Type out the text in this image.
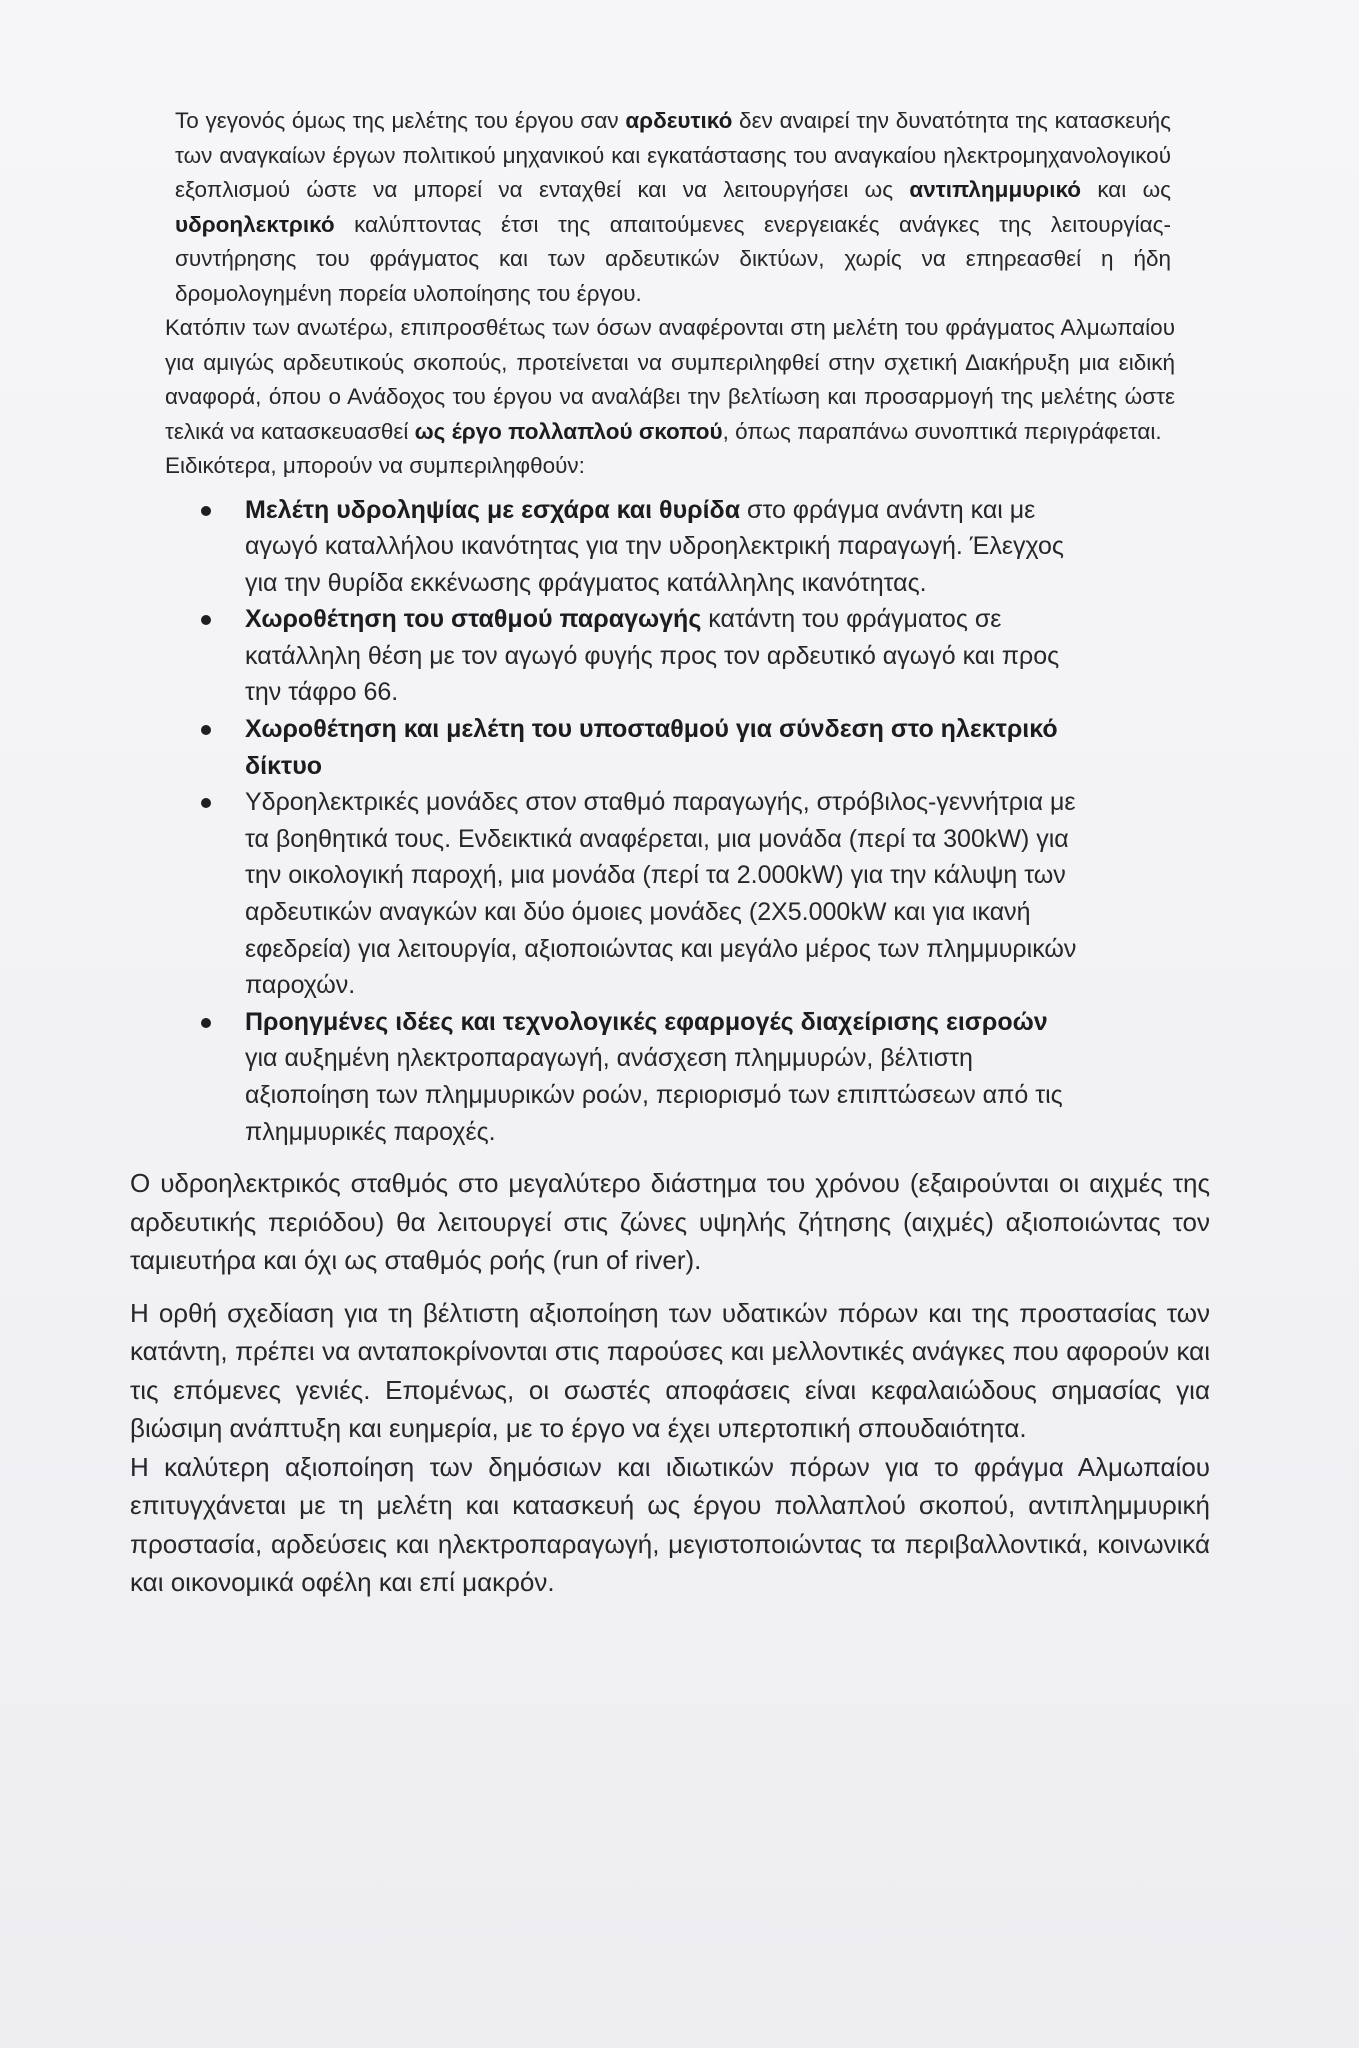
Το γεγονός όμως της μελέτης του έργου σαν αρδευτικό δεν αναιρεί την δυνατότητα της κατασκευής των αναγκαίων έργων πολιτικού μηχανικού και εγκατάστασης του αναγκαίου ηλεκτρομηχανολογικού εξοπλισμού ώστε να μπορεί να ενταχθεί και να λειτουργήσει ως αντιπλημμυρικό και ως υδροηλεκτρικό καλύπτοντας έτσι της απαιτούμενες ενεργειακές ανάγκες της λειτουργίας-συντήρησης του φράγματος και των αρδευτικών δικτύων, χωρίς να επηρεασθεί η ήδη δρομολογημένη πορεία υλοποίησης του έργου.

Κατόπιν των ανωτέρω, επιπροσθέτως των όσων αναφέρονται στη μελέτη του φράγματος Αλμωπαίου για αμιγώς αρδευτικούς σκοπούς, προτείνεται να συμπεριληφθεί στην σχετική Διακήρυξη μια ειδική αναφορά, όπου ο Ανάδοχος του έργου να αναλάβει την βελτίωση και προσαρμογή της μελέτης ώστε τελικά να κατασκευασθεί ως έργο πολλαπλού σκοπού, όπως παραπάνω συνοπτικά περιγράφεται.

Ειδικότερα, μπορούν να συμπεριληφθούν:

Μελέτη υδροληψίας με εσχάρα και θυρίδα στο φράγμα ανάντη και με αγωγό καταλλήλου ικανότητας για την υδροηλεκτρική παραγωγή. Έλεγχος για την θυρίδα εκκένωσης φράγματος κατάλληλης ικανότητας.
Χωροθέτηση του σταθμού παραγωγής κατάντη του φράγματος σε κατάλληλη θέση με τον αγωγό φυγής προς τον αρδευτικό αγωγό και προς την τάφρο 66.
Χωροθέτηση και μελέτη του υποσταθμού για σύνδεση στο ηλεκτρικό δίκτυο
Υδροηλεκτρικές μονάδες στον σταθμό παραγωγής, στρόβιλος-γεννήτρια με τα βοηθητικά τους. Ενδεικτικά αναφέρεται, μια μονάδα (περί τα 300kW) για την οικολογική παροχή, μια μονάδα (περί τα 2.000kW) για την κάλυψη των αρδευτικών αναγκών και δύο όμοιες μονάδες (2X5.000kW και για ικανή εφεδρεία) για λειτουργία, αξιοποιώντας και μεγάλο μέρος των πλημμυρικών παροχών.
Προηγμένες ιδέες και τεχνολογικές εφαρμογές διαχείρισης εισροών για αυξημένη ηλεκτροπαραγωγή, ανάσχεση πλημμυρών, βέλτιστη αξιοποίηση των πλημμυρικών ροών, περιορισμό των επιπτώσεων από τις πλημμυρικές παροχές.

Ο υδροηλεκτρικός σταθμός στο μεγαλύτερο διάστημα του χρόνου (εξαιρούνται οι αιχμές της αρδευτικής περιόδου) θα λειτουργεί στις ζώνες υψηλής ζήτησης (αιχμές) αξιοποιώντας τον ταμιευτήρα και όχι ως σταθμός ροής (run of river).

Η ορθή σχεδίαση για τη βέλτιστη αξιοποίηση των υδατικών πόρων και της προστασίας των κατάντη, πρέπει να ανταποκρίνονται στις παρούσες και μελλοντικές ανάγκες που αφορούν και τις επόμενες γενιές. Επομένως, οι σωστές αποφάσεις είναι κεφαλαιώδους σημασίας για βιώσιμη ανάπτυξη και ευημερία, με το έργο να έχει υπερτοπική σπουδαιότητα.

Η καλύτερη αξιοποίηση των δημόσιων και ιδιωτικών πόρων για το φράγμα Αλμωπαίου επιτυγχάνεται με τη μελέτη και κατασκευή ως έργου πολλαπλού σκοπού, αντιπλημμυρική προστασία, αρδεύσεις και ηλεκτροπαραγωγή, μεγιστοποιώντας τα περιβαλλοντικά, κοινωνικά και οικονομικά οφέλη και επί μακρόν.
